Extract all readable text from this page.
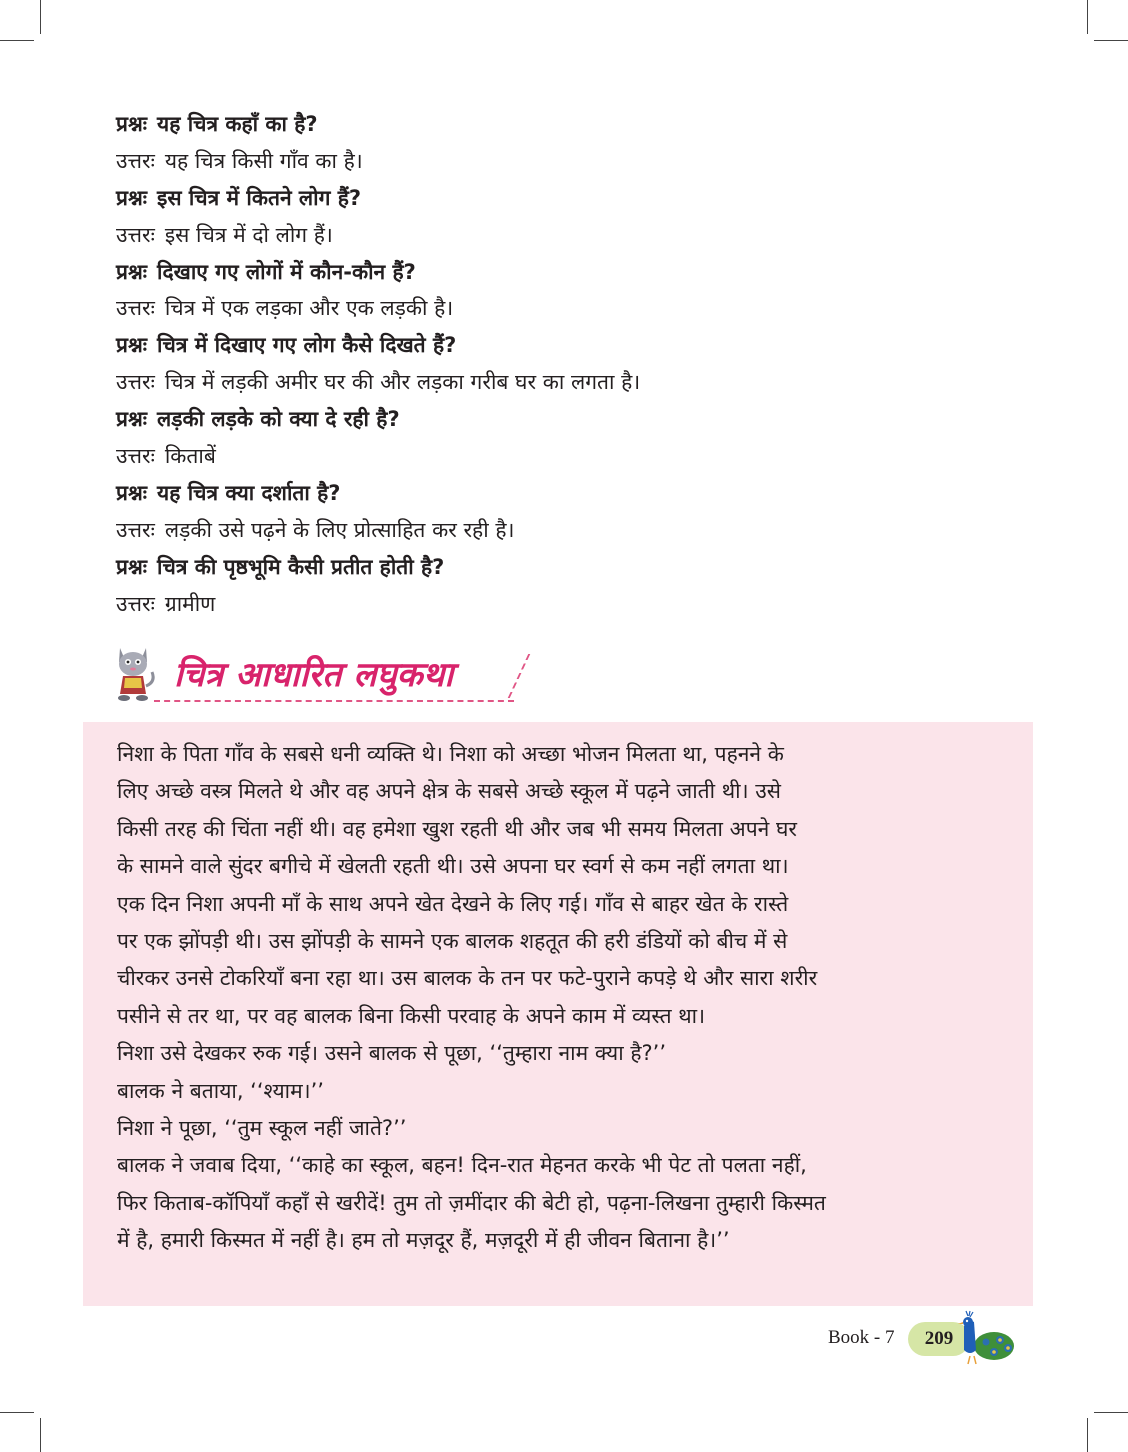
प्रश्नः यह चित्र कहाँ का है?
उत्तरः यह चित्र किसी गाँव का है।
प्रश्नः इस चित्र में कितने लोग हैं?
उत्तरः इस चित्र में दो लोग हैं।
प्रश्नः दिखाए गए लोगों में कौन-कौन हैं?
उत्तरः चित्र में एक लड़का और एक लड़की है।
प्रश्नः चित्र में दिखाए गए लोग कैसे दिखते हैं?
उत्तरः चित्र में लड़की अमीर घर की और लड़का गरीब घर का लगता है।
प्रश्नः लड़की लड़के को क्या दे रही है?
उत्तरः किताबें
प्रश्नः यह चित्र क्या दर्शाता है?
उत्तरः लड़की उसे पढ़ने के लिए प्रोत्साहित कर रही है।
प्रश्नः चित्र की पृष्ठभूमि कैसी प्रतीत होती है?
उत्तरः ग्रामीण
चित्र आधारित लघुकथा
निशा के पिता गाँव के सबसे धनी व्यक्ति थे। निशा को अच्छा भोजन मिलता था, पहनने के
लिए अच्छे वस्त्र मिलते थे और वह अपने क्षेत्र के सबसे अच्छे स्कूल में पढ़ने जाती थी। उसे
किसी तरह की चिंता नहीं थी। वह हमेशा खुश रहती थी और जब भी समय मिलता अपने घर
के सामने वाले सुंदर बगीचे में खेलती रहती थी। उसे अपना घर स्वर्ग से कम नहीं लगता था।
एक दिन निशा अपनी माँ के साथ अपने खेत देखने के लिए गई। गाँव से बाहर खेत के रास्ते
पर एक झोंपड़ी थी। उस झोंपड़ी के सामने एक बालक शहतूत की हरी डंडियों को बीच में से
चीरकर उनसे टोकरियाँ बना रहा था। उस बालक के तन पर फटे-पुराने कपड़े थे और सारा शरीर
पसीने से तर था, पर वह बालक बिना किसी परवाह के अपने काम में व्यस्त था।
निशा उसे देखकर रुक गई। उसने बालक से पूछा, ‘‘तुम्हारा नाम क्या है?’’
बालक ने बताया, ‘‘श्याम।’’
निशा ने पूछा, ‘‘तुम स्कूल नहीं जाते?’’
बालक ने जवाब दिया, ‘‘काहे का स्कूल, बहन! दिन-रात मेहनत करके भी पेट तो पलता नहीं,
फिर किताब-कॉपियाँ कहाँ से खरीदें! तुम तो ज़मींदार की बेटी हो, पढ़ना-लिखना तुम्हारी किस्मत
में है, हमारी किस्मत में नहीं है। हम तो मज़दूर हैं, मज़दूरी में ही जीवन बिताना है।’’
Book - 7	209
